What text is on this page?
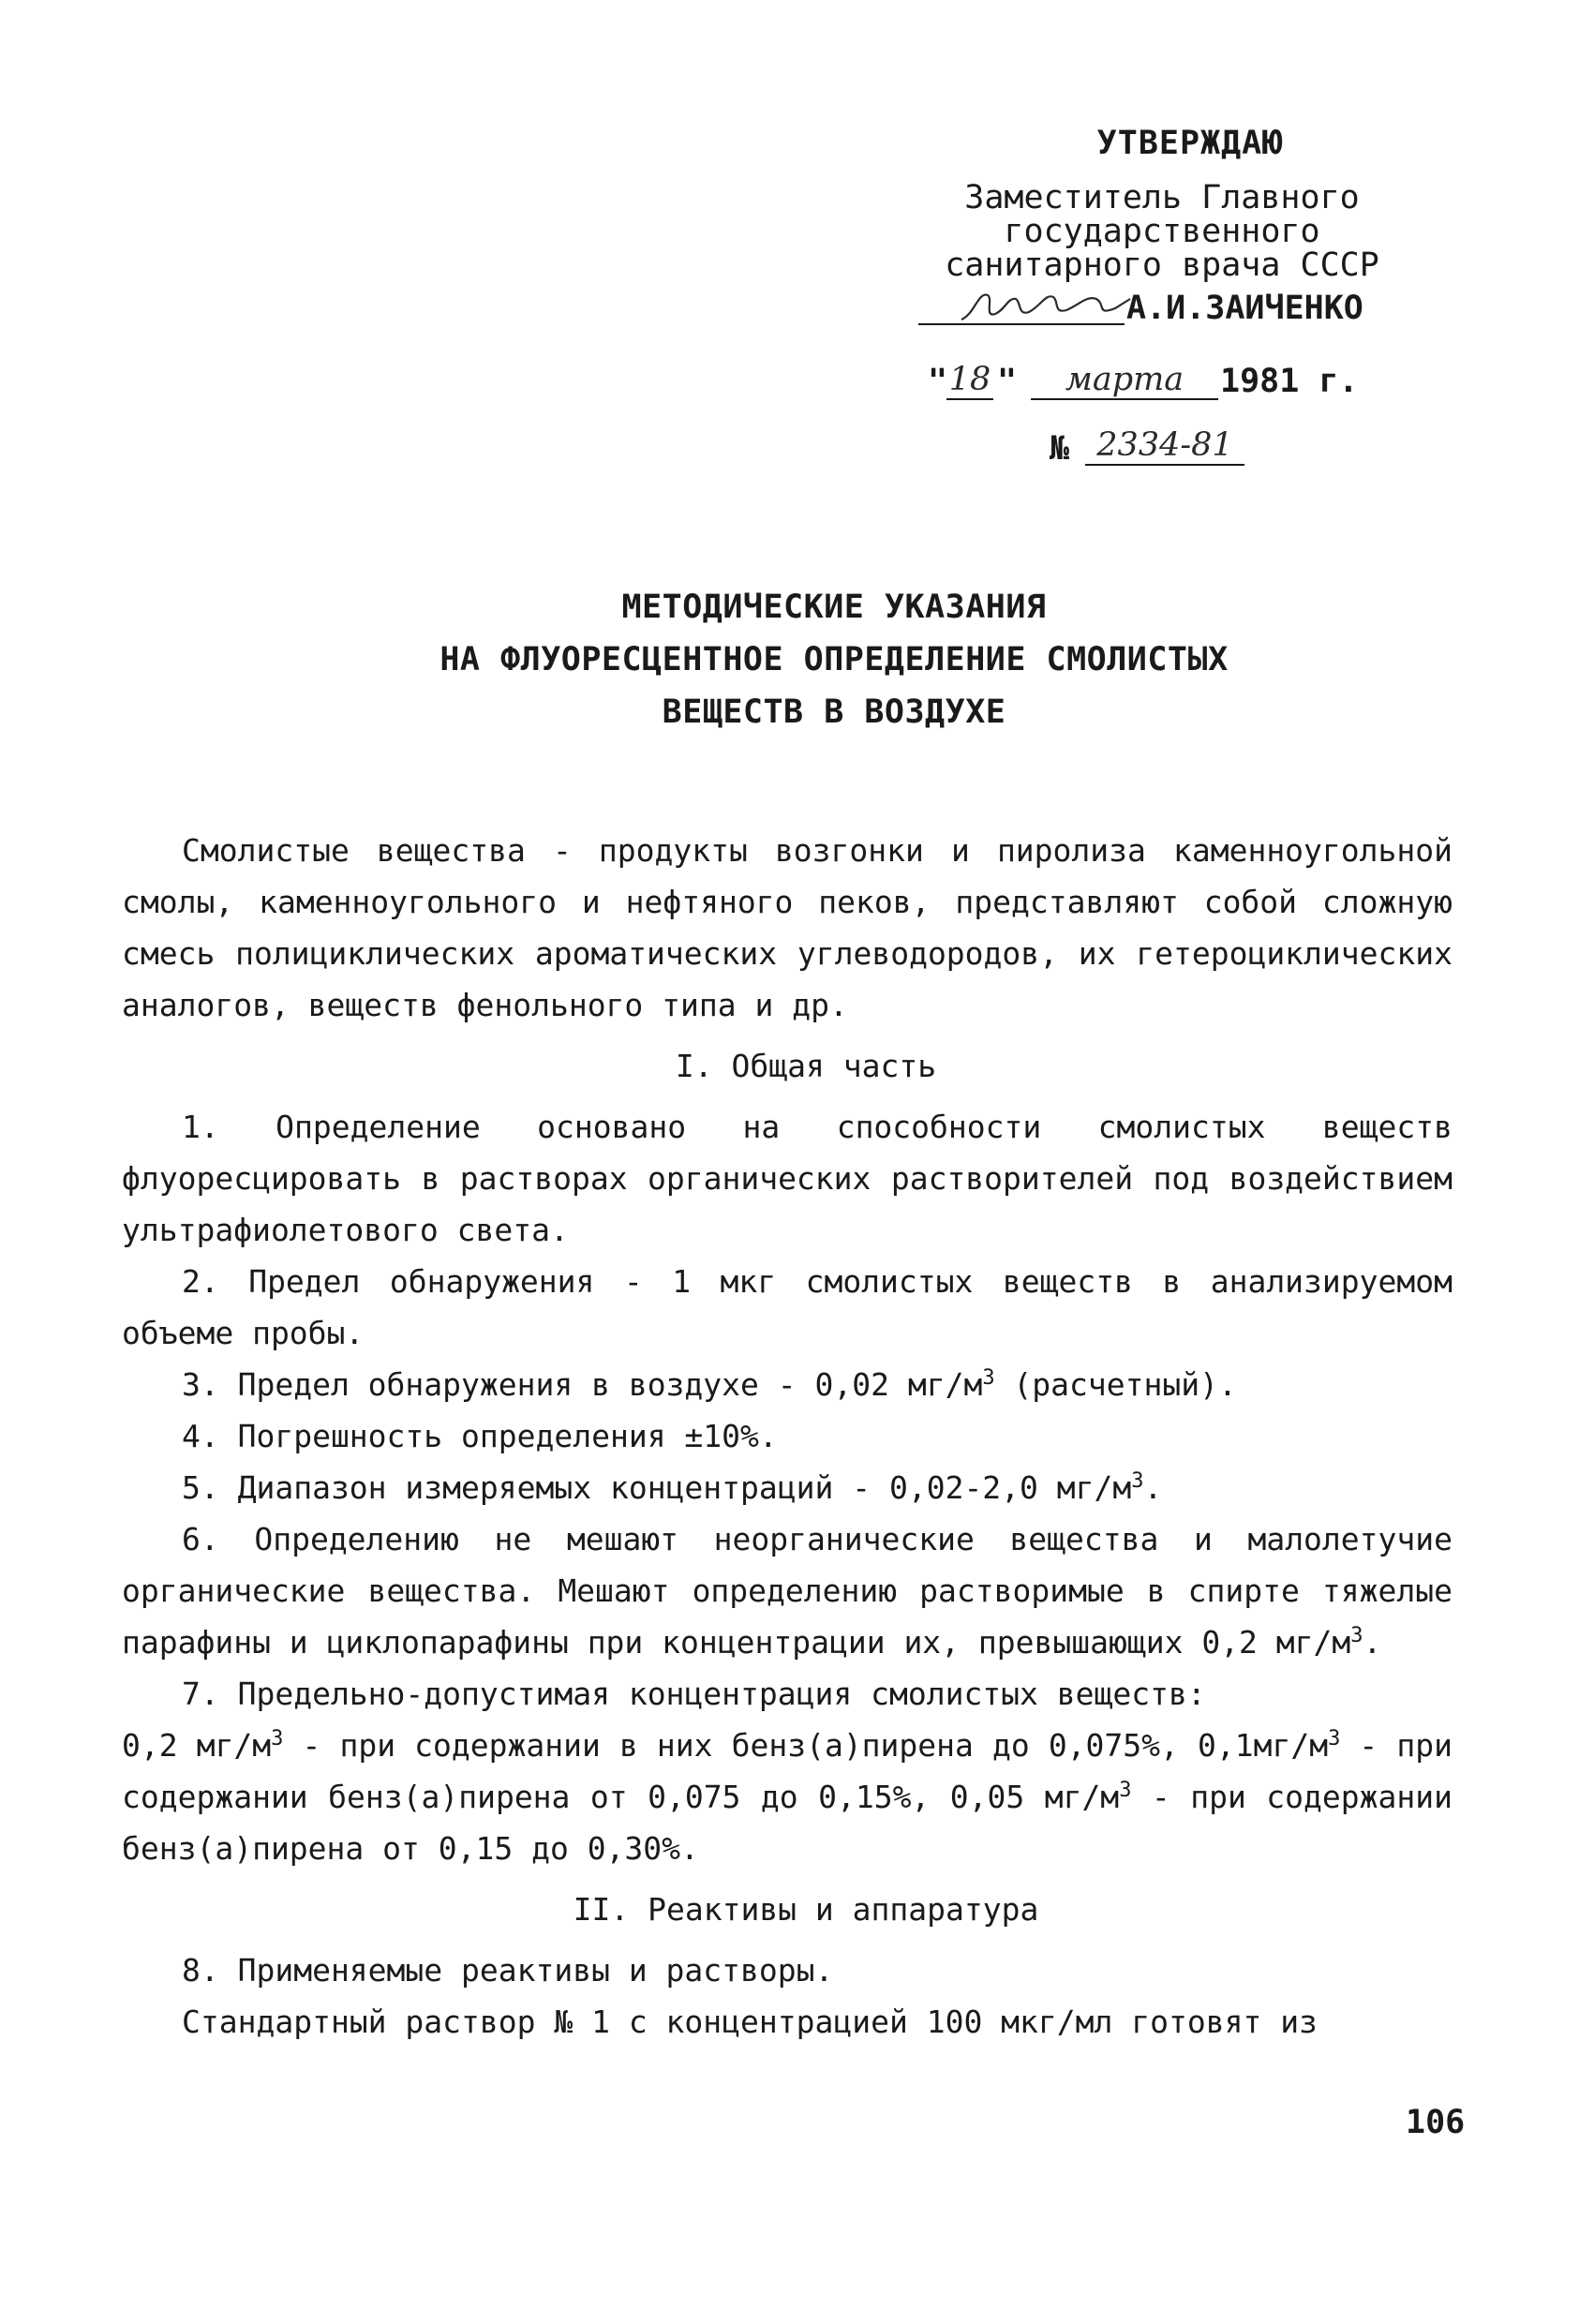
УТВЕРЖДАЮ
Заместитель Главного
государственного
санитарного врача СССР
А.И.ЗАИЧЕНКО
" 18 "	марта	1981 г.
№ 2334-81
МЕТОДИЧЕСКИЕ УКАЗАНИЯ
НА ФЛУОРЕСЦЕНТНОЕ ОПРЕДЕЛЕНИЕ СМОЛИСТЫХ
ВЕЩЕСТВ В ВОЗДУХЕ

Смолистые вещества - продукты возгонки и пиролиза каменноугольной смолы, каменноугольного и нефтяного пеков, представляют собой сложную смесь полициклических ароматических углеводородов, их гетероциклических аналогов, веществ фенольного типа и др.

I. Общая часть

1. Определение основано на способности смолистых веществ флуоресцировать в растворах органических растворителей под воздействием ультрафиолетового света.

2. Предел обнаружения - 1 мкг смолистых веществ в анализируемом объеме пробы.

3. Предел обнаружения в воздухе - 0,02 $мг/м^3$ (расчетный).

4. Погрешность определения ±10%.

5. Диапазон измеряемых концентраций - 0,02-2,0 $мг/м^3$.

6. Определению не мешают неорганические вещества и малолетучие органические вещества. Мешают определению растворимые в спирте тяжелые парафины и циклопарафины при концентрации их, превышающих 0,2 $мг/м^3$.

7. Предельно-допустимая концентрация смолистых веществ:

0,2 $мг/м^3$ - при содержании в них бенз(а)пирена до 0,075%, $0,1мг/м^3$ - при содержании бенз(а)пирена от 0,075 до 0,15%, 0,05 $мг/м^3$ - при содержании бенз(а)пирена от 0,15 до 0,30%.

II. Реактивы и аппаратура

8. Применяемые реактивы и растворы.

Стандартный раствор № 1 с концентрацией 100 мкг/мл готовят из

106
